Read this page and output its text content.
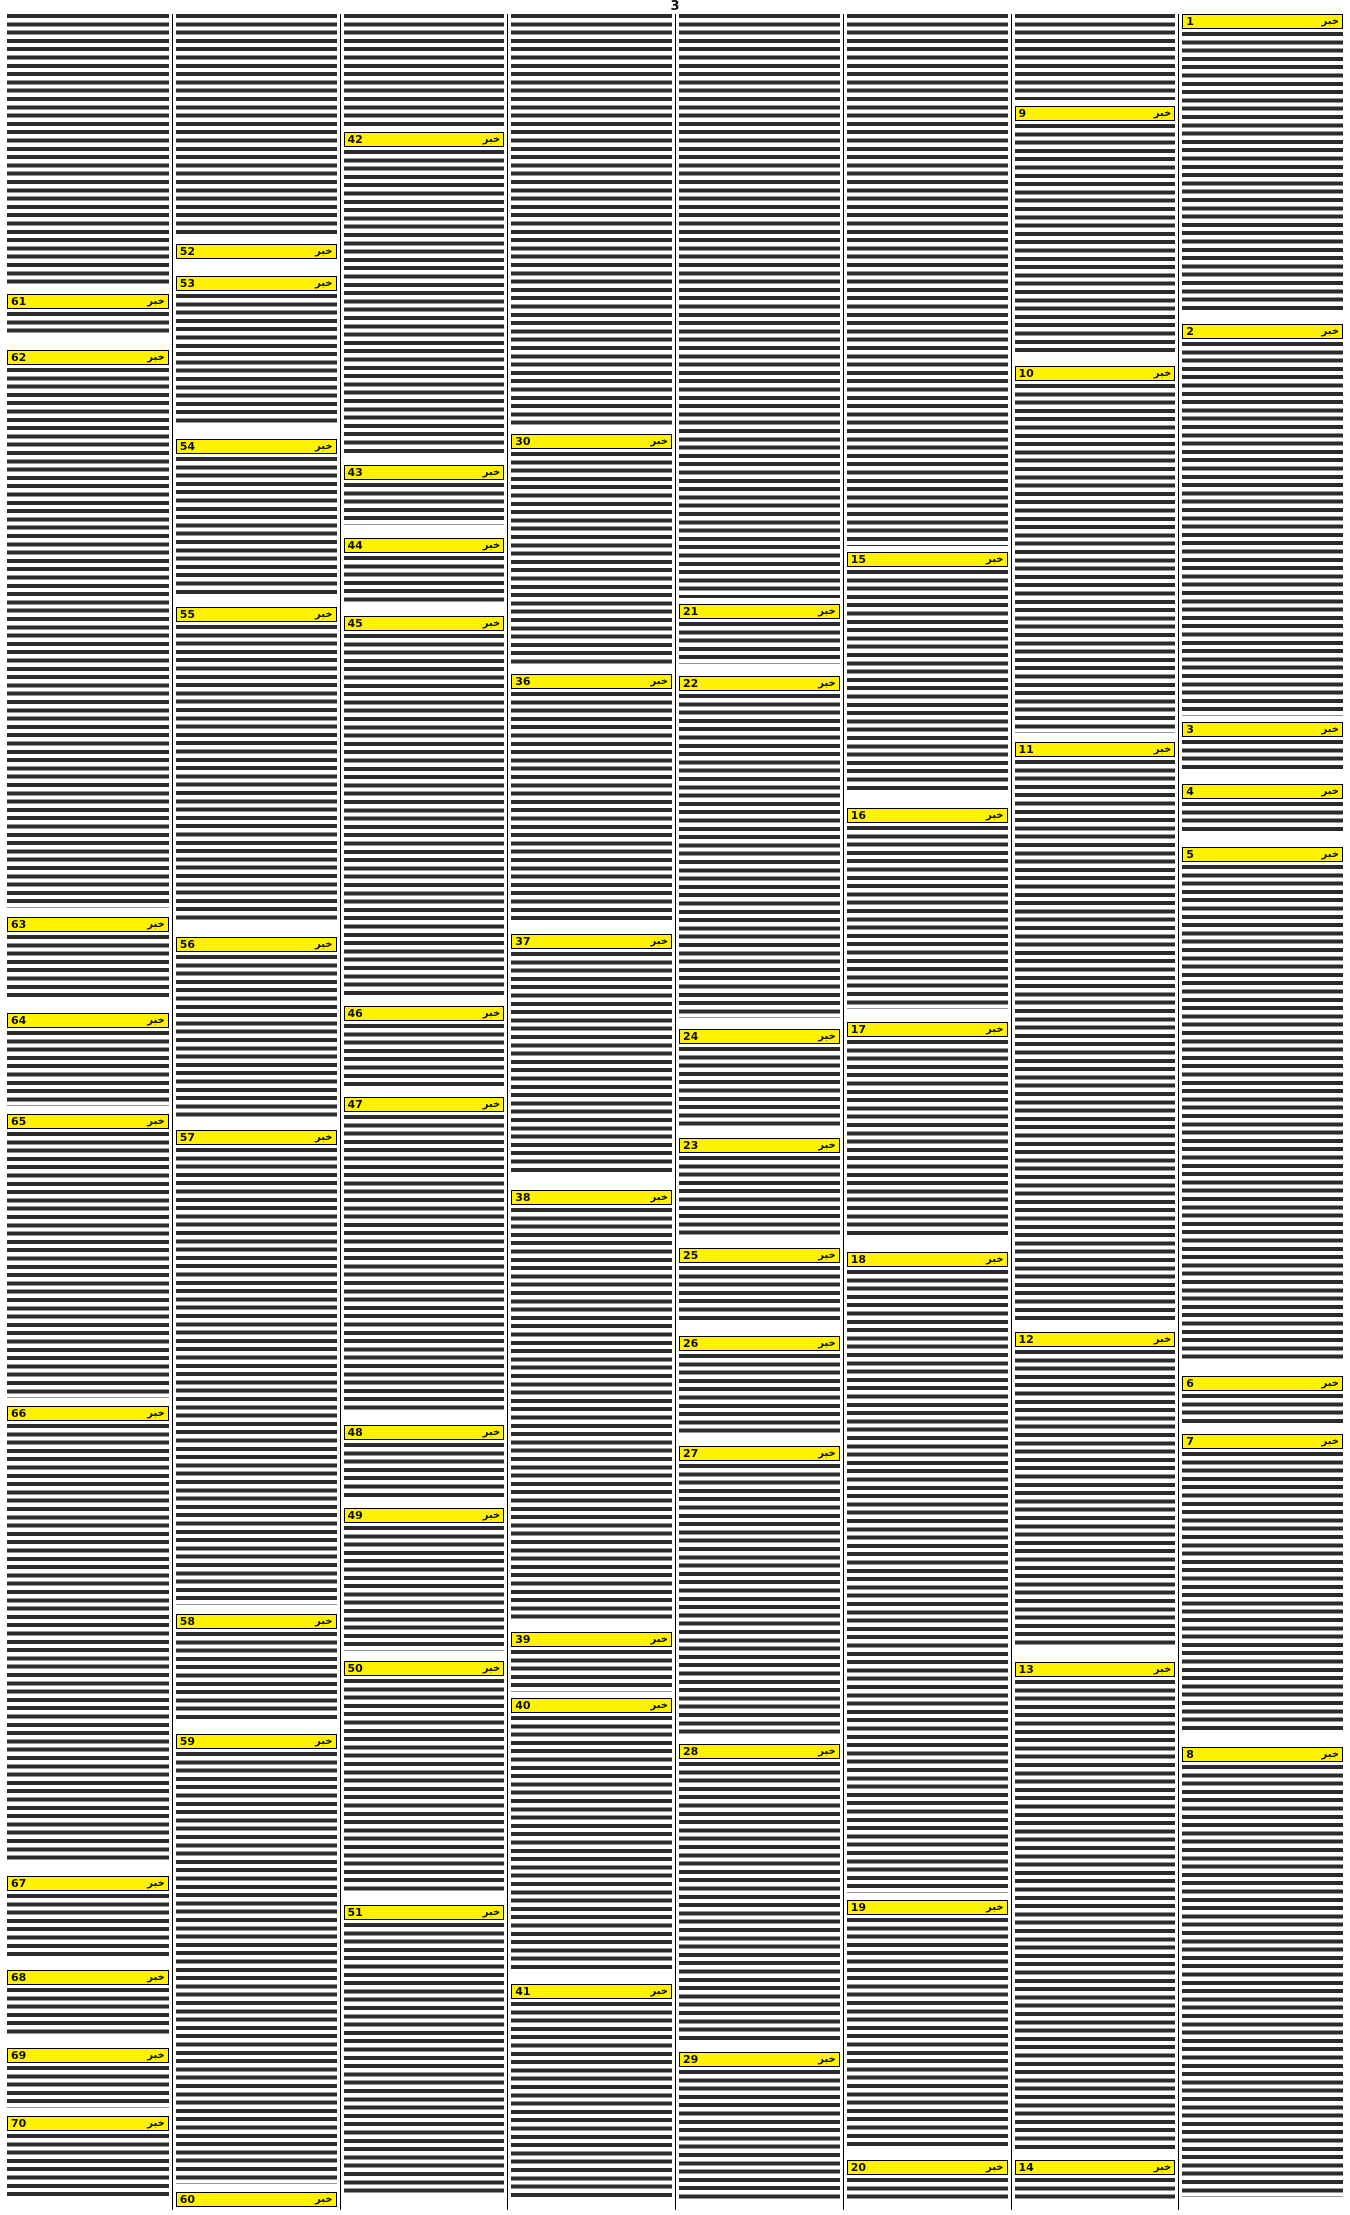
3
1	خبر
2	خبر
3	خبر
4	خبر
5	خبر
6	خبر
7	خبر
8	خبر
9	خبر
10	خبر
11	خبر
12	خبر
13	خبر
14	خبر
15	خبر
16	خبر
17	خبر
18	خبر
19	خبر
20	خبر
21	خبر
22	خبر
24	خبر
23	خبر
25	خبر
26	خبر
27	خبر
28	خبر
29	خبر
30	خبر
36	خبر
37	خبر
38	خبر
39	خبر
40	خبر
41	خبر
42	خبر
43	خبر
44	خبر
45	خبر
46	خبر
47	خبر
48	خبر
49	خبر
50	خبر
51	خبر
52	خبر
53	خبر
54	خبر
55	خبر
56	خبر
57	خبر
58	خبر
59	خبر
60	خبر
61	خبر
62	خبر
63	خبر
64	خبر
65	خبر
66	خبر
67	خبر
68	خبر
69	خبر
70	خبر
